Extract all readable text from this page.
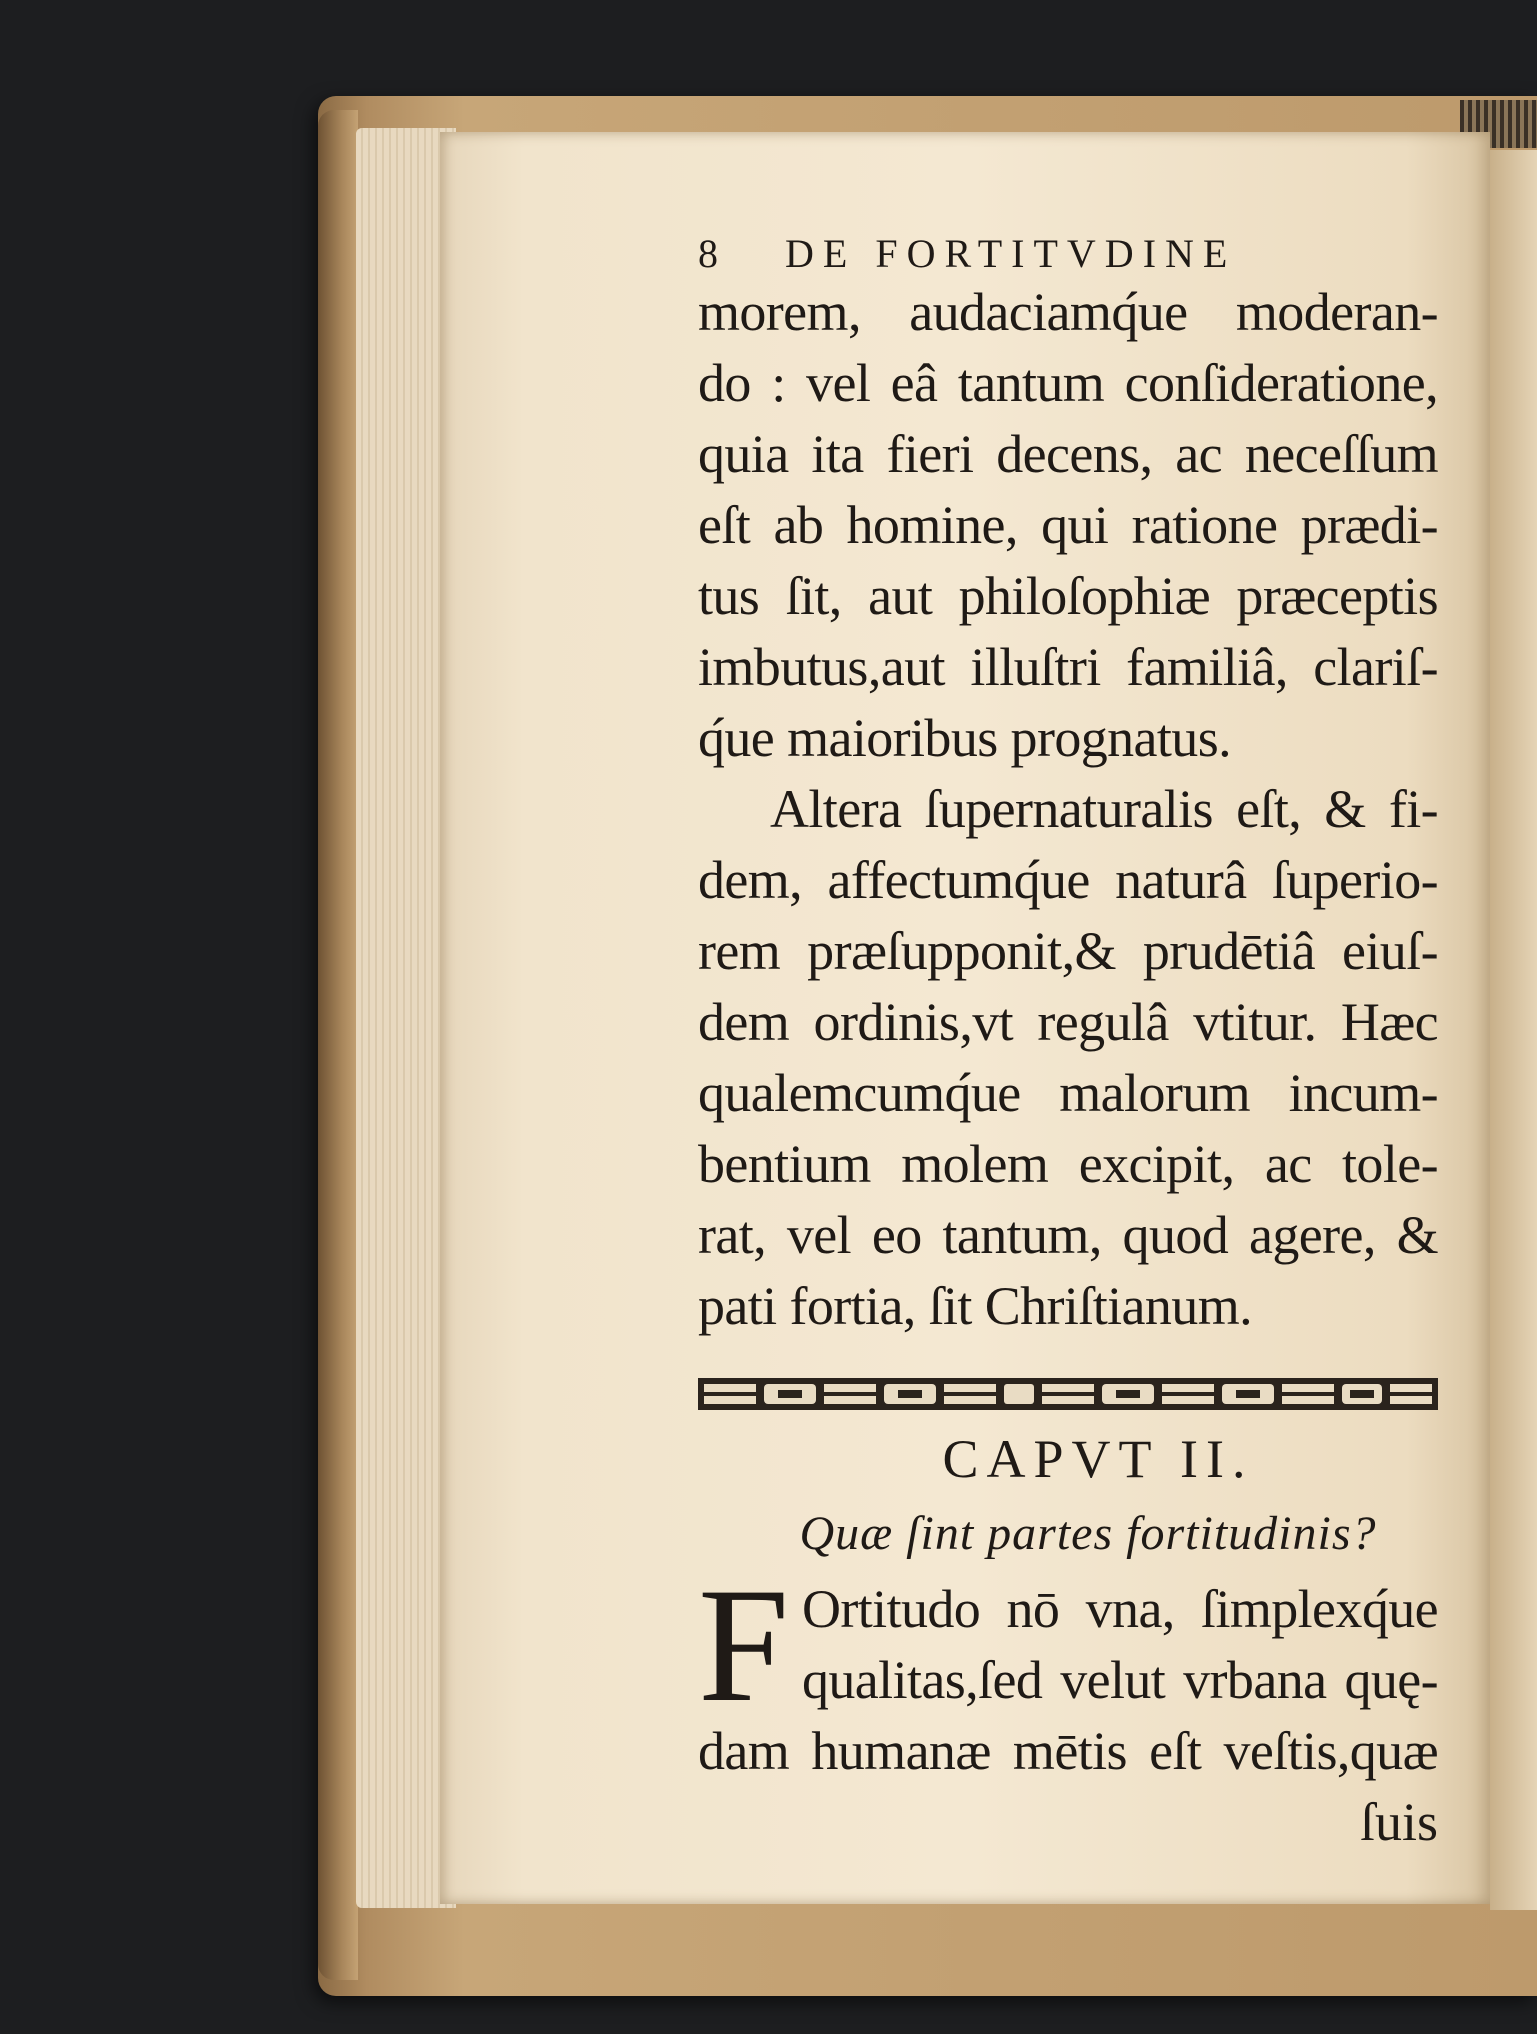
8 DE FORTITVDINE
morem, audaciamq́ue moderan-
do : vel eâ tantum conſideratione,
quia ita fieri decens, ac neceſſum
eſt ab homine, qui ratione prædi-
tus ſit, aut philoſophiæ præceptis
imbutus,aut illuſtri familiâ, clariſ-
q́ue maioribus prognatus.
Altera ſupernaturalis eſt, & fi-
dem, affectumq́ue naturâ ſuperio-
rem præſupponit,& prudētiâ eiuſ-
dem ordinis,vt regulâ vtitur. Hæc
qualemcumq́ue malorum incum-
bentium molem excipit, ac tole-
rat, vel eo tantum, quod agere, &
pati fortia, ſit Chriſtianum.
CAPVT II.
Quæ ſint partes fortitudinis?
F Ortitudo nō vna, ſimplexq́ue
qualitas,ſed velut vrbana quę-
dam humanæ mētis eſt veſtis,quæ
ſuis
